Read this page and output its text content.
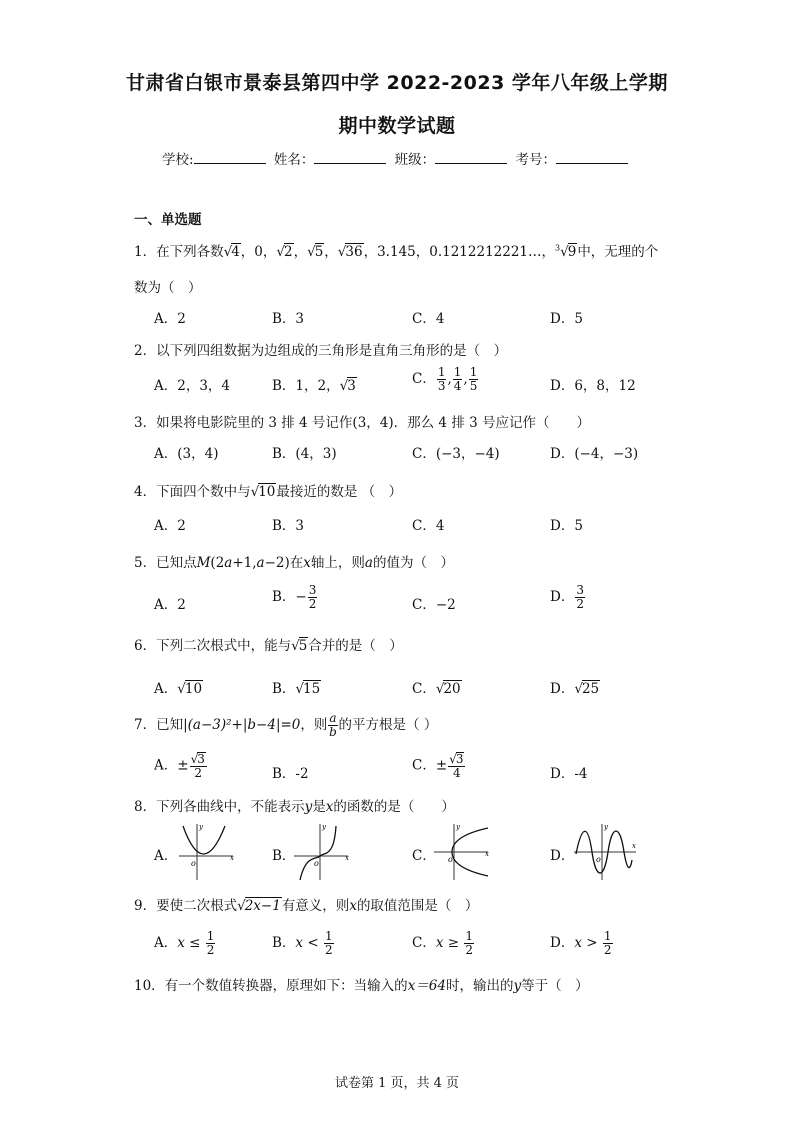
甘肃省白银市景泰县第四中学 2022-2023 学年八年级上学期
期中数学试题
学校:	姓名：	班级：	考号：
一、单选题
1．在下列各数√4，0，√2，√5，√36，3.145，0.1212212221…，$^3$√9中，无理的个
数为（　）
A．2	B．3	C．4	D．5
2．以下列四组数据为边组成的三角形是直角三角形的是（　）
A．2，3，4	B．1，2，√3	C． $\frac{1}{3}$ , $\frac{1}{4}$ , $\frac{1}{5}$	D．6，8，12
3．如果将电影院里的 3 排 4 号记作(3，4)．那么 4 排 3 号应记作（　　）
A．(3，4)	B．(4，3)	C．(−3，−4)	D．(−4，−3)
4．下面四个数中与√10最接近的数是 （　）
A．2	B．3	C．4	D．5
5．已知点M(2a+1,a−2)在x轴上，则a的值为（　）
A．2	B．− $\frac{3}{2}$	C．−2	D． $\frac{3}{2}$
6．下列二次根式中，能与√5合并的是（　）
A．√10	B．√15	C．√20	D．√25
7．已知|(a−3)²+|b−4|=0，则 $\frac{a}{b}$ 的平方根是（ ）
A．± $\frac{√3}{2}$	B．-2
C．± $\frac{√3}{4}$	D．-4
8．下列各曲线中，不能表示y是x的函数的是（　　）
A． o
x
y
B． o
x
y
C． o
x
y
D．	o
x
y
9．要使二次根式√2x−1有意义，则x的取值范围是（　）
A．$x \le \frac{1}{2}$	B．$x < \frac{1}{2}$	C．$x \ge \frac{1}{2}$	D．$x > \frac{1}{2}$
10．有一个数值转换器，原理如下：当输入的x＝64时，输出的y等于（　）
试卷第 1 页，共 4 页
